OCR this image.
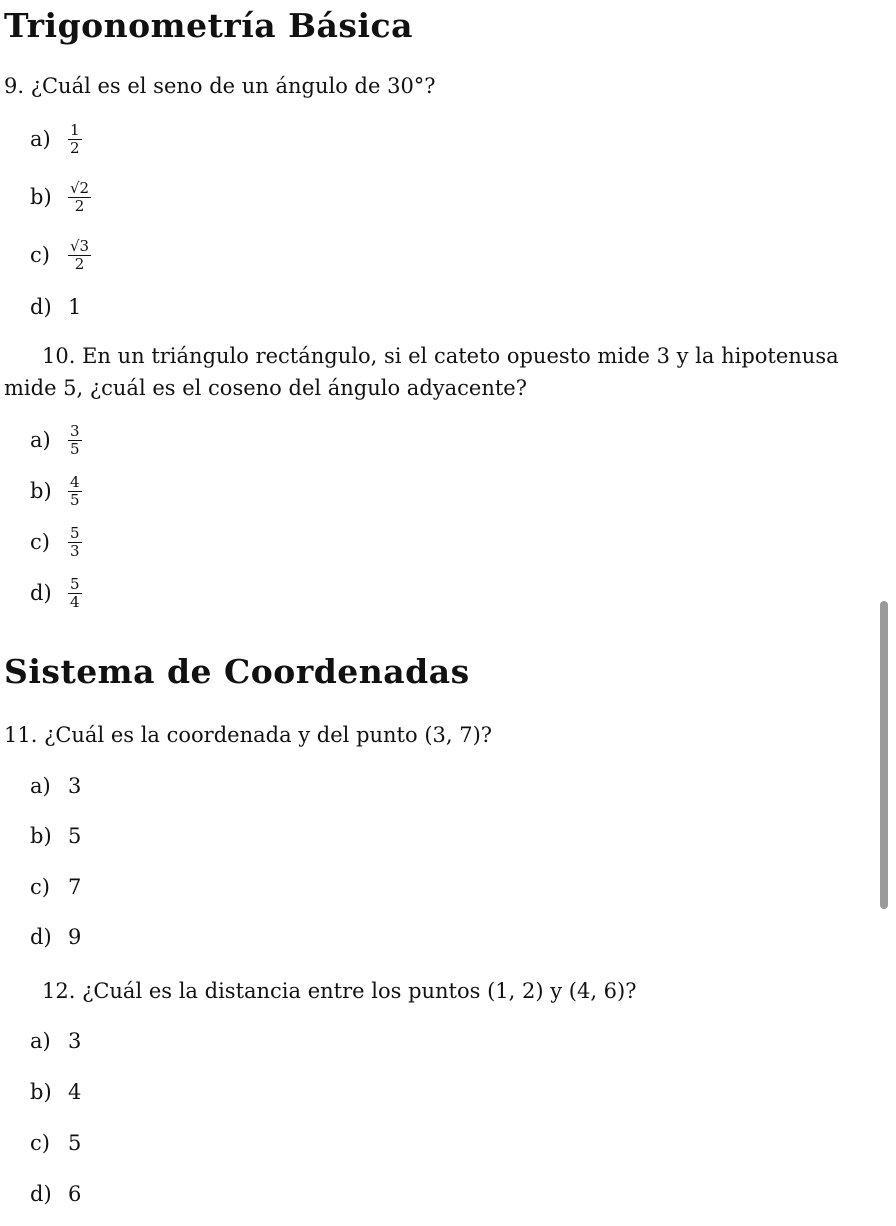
Trigonometría Básica
9. ¿Cuál es el seno de un ángulo de 30°?
a)	$\frac{1}{2}$
b)	$\frac{√2}{2}$
c)	$\frac{√3}{2}$
d) 1
10. En un triángulo rectángulo, si el cateto opuesto mide 3 y la hipotenusa
mide 5, ¿cuál es el coseno del ángulo adyacente?
a)	$\frac{3}{5}$
b)	$\frac{4}{5}$
c)	$\frac{5}{3}$
d)	$\frac{5}{4}$
Sistema de Coordenadas
11. ¿Cuál es la coordenada y del punto (3, 7)?
a) 3
b) 5
c) 7
d) 9
12. ¿Cuál es la distancia entre los puntos (1, 2) y (4, 6)?
a) 3
b) 4
c) 5
d) 6
